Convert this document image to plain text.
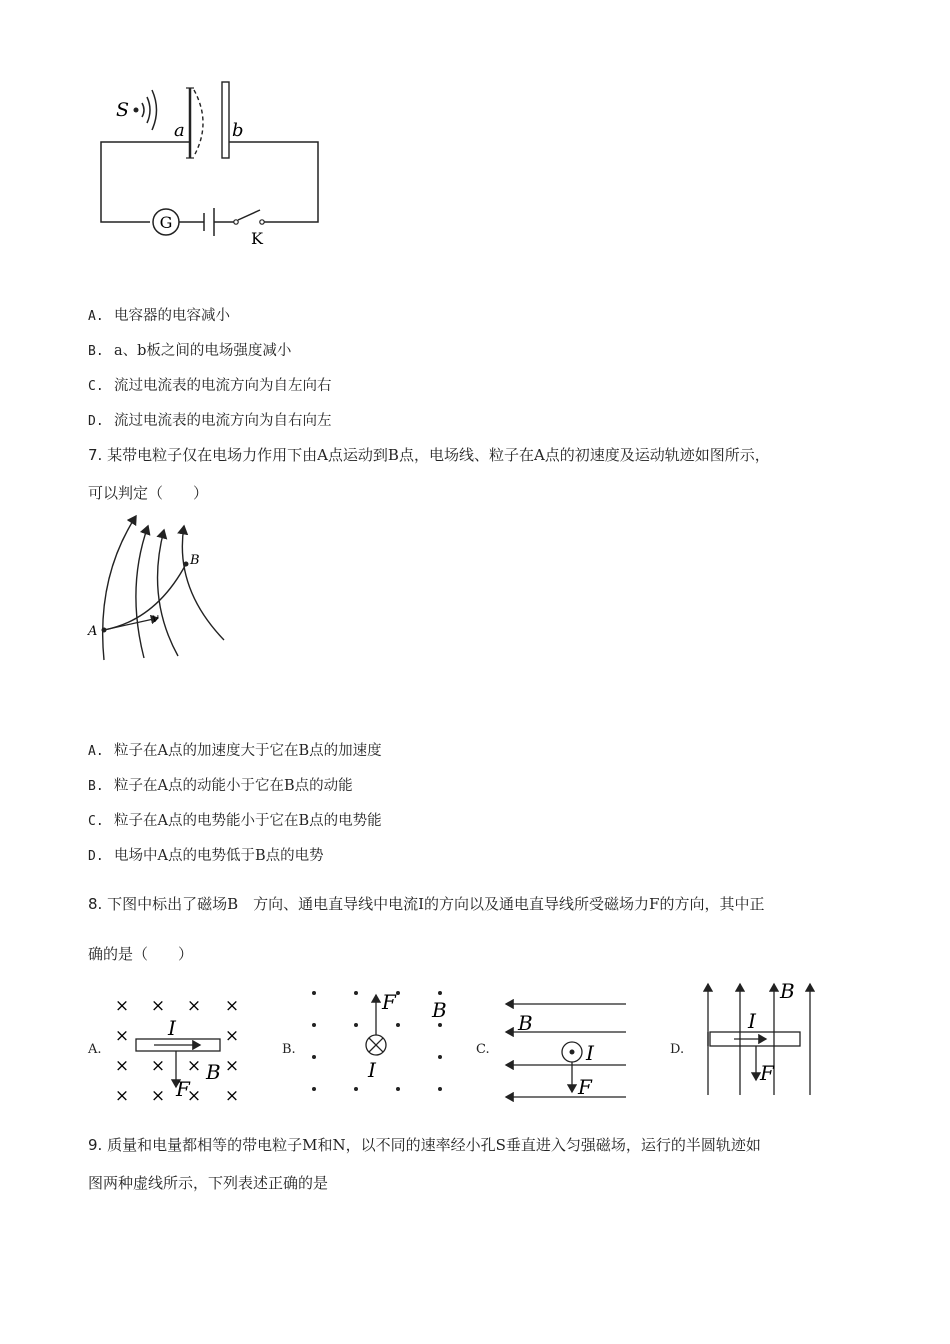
S
a	b
G
K
A. 电容器的电容减小
B. a、b板之间的电场强度减小
C. 流过电流表的电流方向为自左向右
D. 流过电流表的电流方向为自右向左
7. 某带电粒子仅在电场力作用下由A点运动到B点，电场线、粒子在A点的初速度及运动轨迹如图所示，
可以判定（　　）
A
B
v
A. 粒子在A点的加速度大于它在B点的加速度
B. 粒子在A点的动能小于它在B点的动能
C. 粒子在A点的电势能小于它在B点的电势能
D. 电场中A点的电势低于B点的电势
8. 下图中标出了磁场B　方向、通电直导线中电流I的方向以及通电直导线所受磁场力F的方向，其中正
确的是（　　）
A.	B.	C.	D.
× × × ×
×	×
× × × ×
× × × ×
I
F
B
F
I
B
B
I
F
I
F
B
9. 质量和电量都相等的带电粒子M和N，以不同的速率经小孔S垂直进入匀强磁场，运行的半圆轨迹如
图两种虚线所示，下列表述正确的是
